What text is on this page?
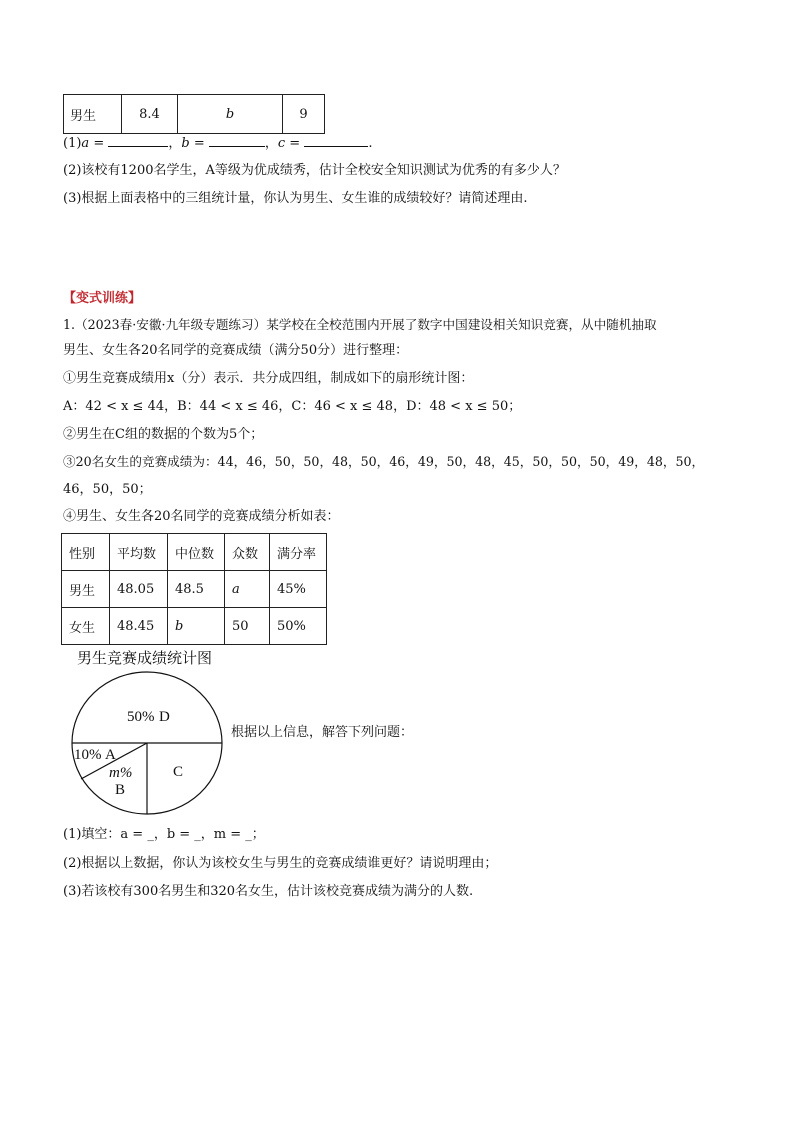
男生	8.4	b	9
(1)a =	，b =	，c =	.
(2)该校有1200名学生，A等级为优成绩秀，估计全校安全知识测试为优秀的有多少人？
(3)根据上面表格中的三组统计量，你认为男生、女生谁的成绩较好？请简述理由.
【变式训练】
1.（2023春·安徽·九年级专题练习）某学校在全校范围内开展了数字中国建设相关知识竞赛，从中随机抽取
男生、女生各20名同学的竞赛成绩（满分50分）进行整理：
①男生竞赛成绩用x（分）表示．共分成四组，制成如下的扇形统计图：
A：42 < x ≤ 44，B：44 < x ≤ 46，C：46 < x ≤ 48，D：48 < x ≤ 50；
②男生在C组的数据的个数为5个；
③20名女生的竞赛成绩为：44，46，50，50，48，50，46，49，50，48，45，50，50，50，49，48，50，
46，50，50；
④男生、女生各20名同学的竞赛成绩分析如表：
性别	平均数	中位数	众数	满分率
男生	48.05	48.5	a	45%
女生	48.45	b	50	50%
男生竞赛成绩统计图
50% D
C
m%
B
10% A
根据以上信息，解答下列问题：
(1)填空：a = _，b = _，m = _；
(2)根据以上数据，你认为该校女生与男生的竞赛成绩谁更好？请说明理由；
(3)若该校有300名男生和320名女生，估计该校竞赛成绩为满分的人数.
